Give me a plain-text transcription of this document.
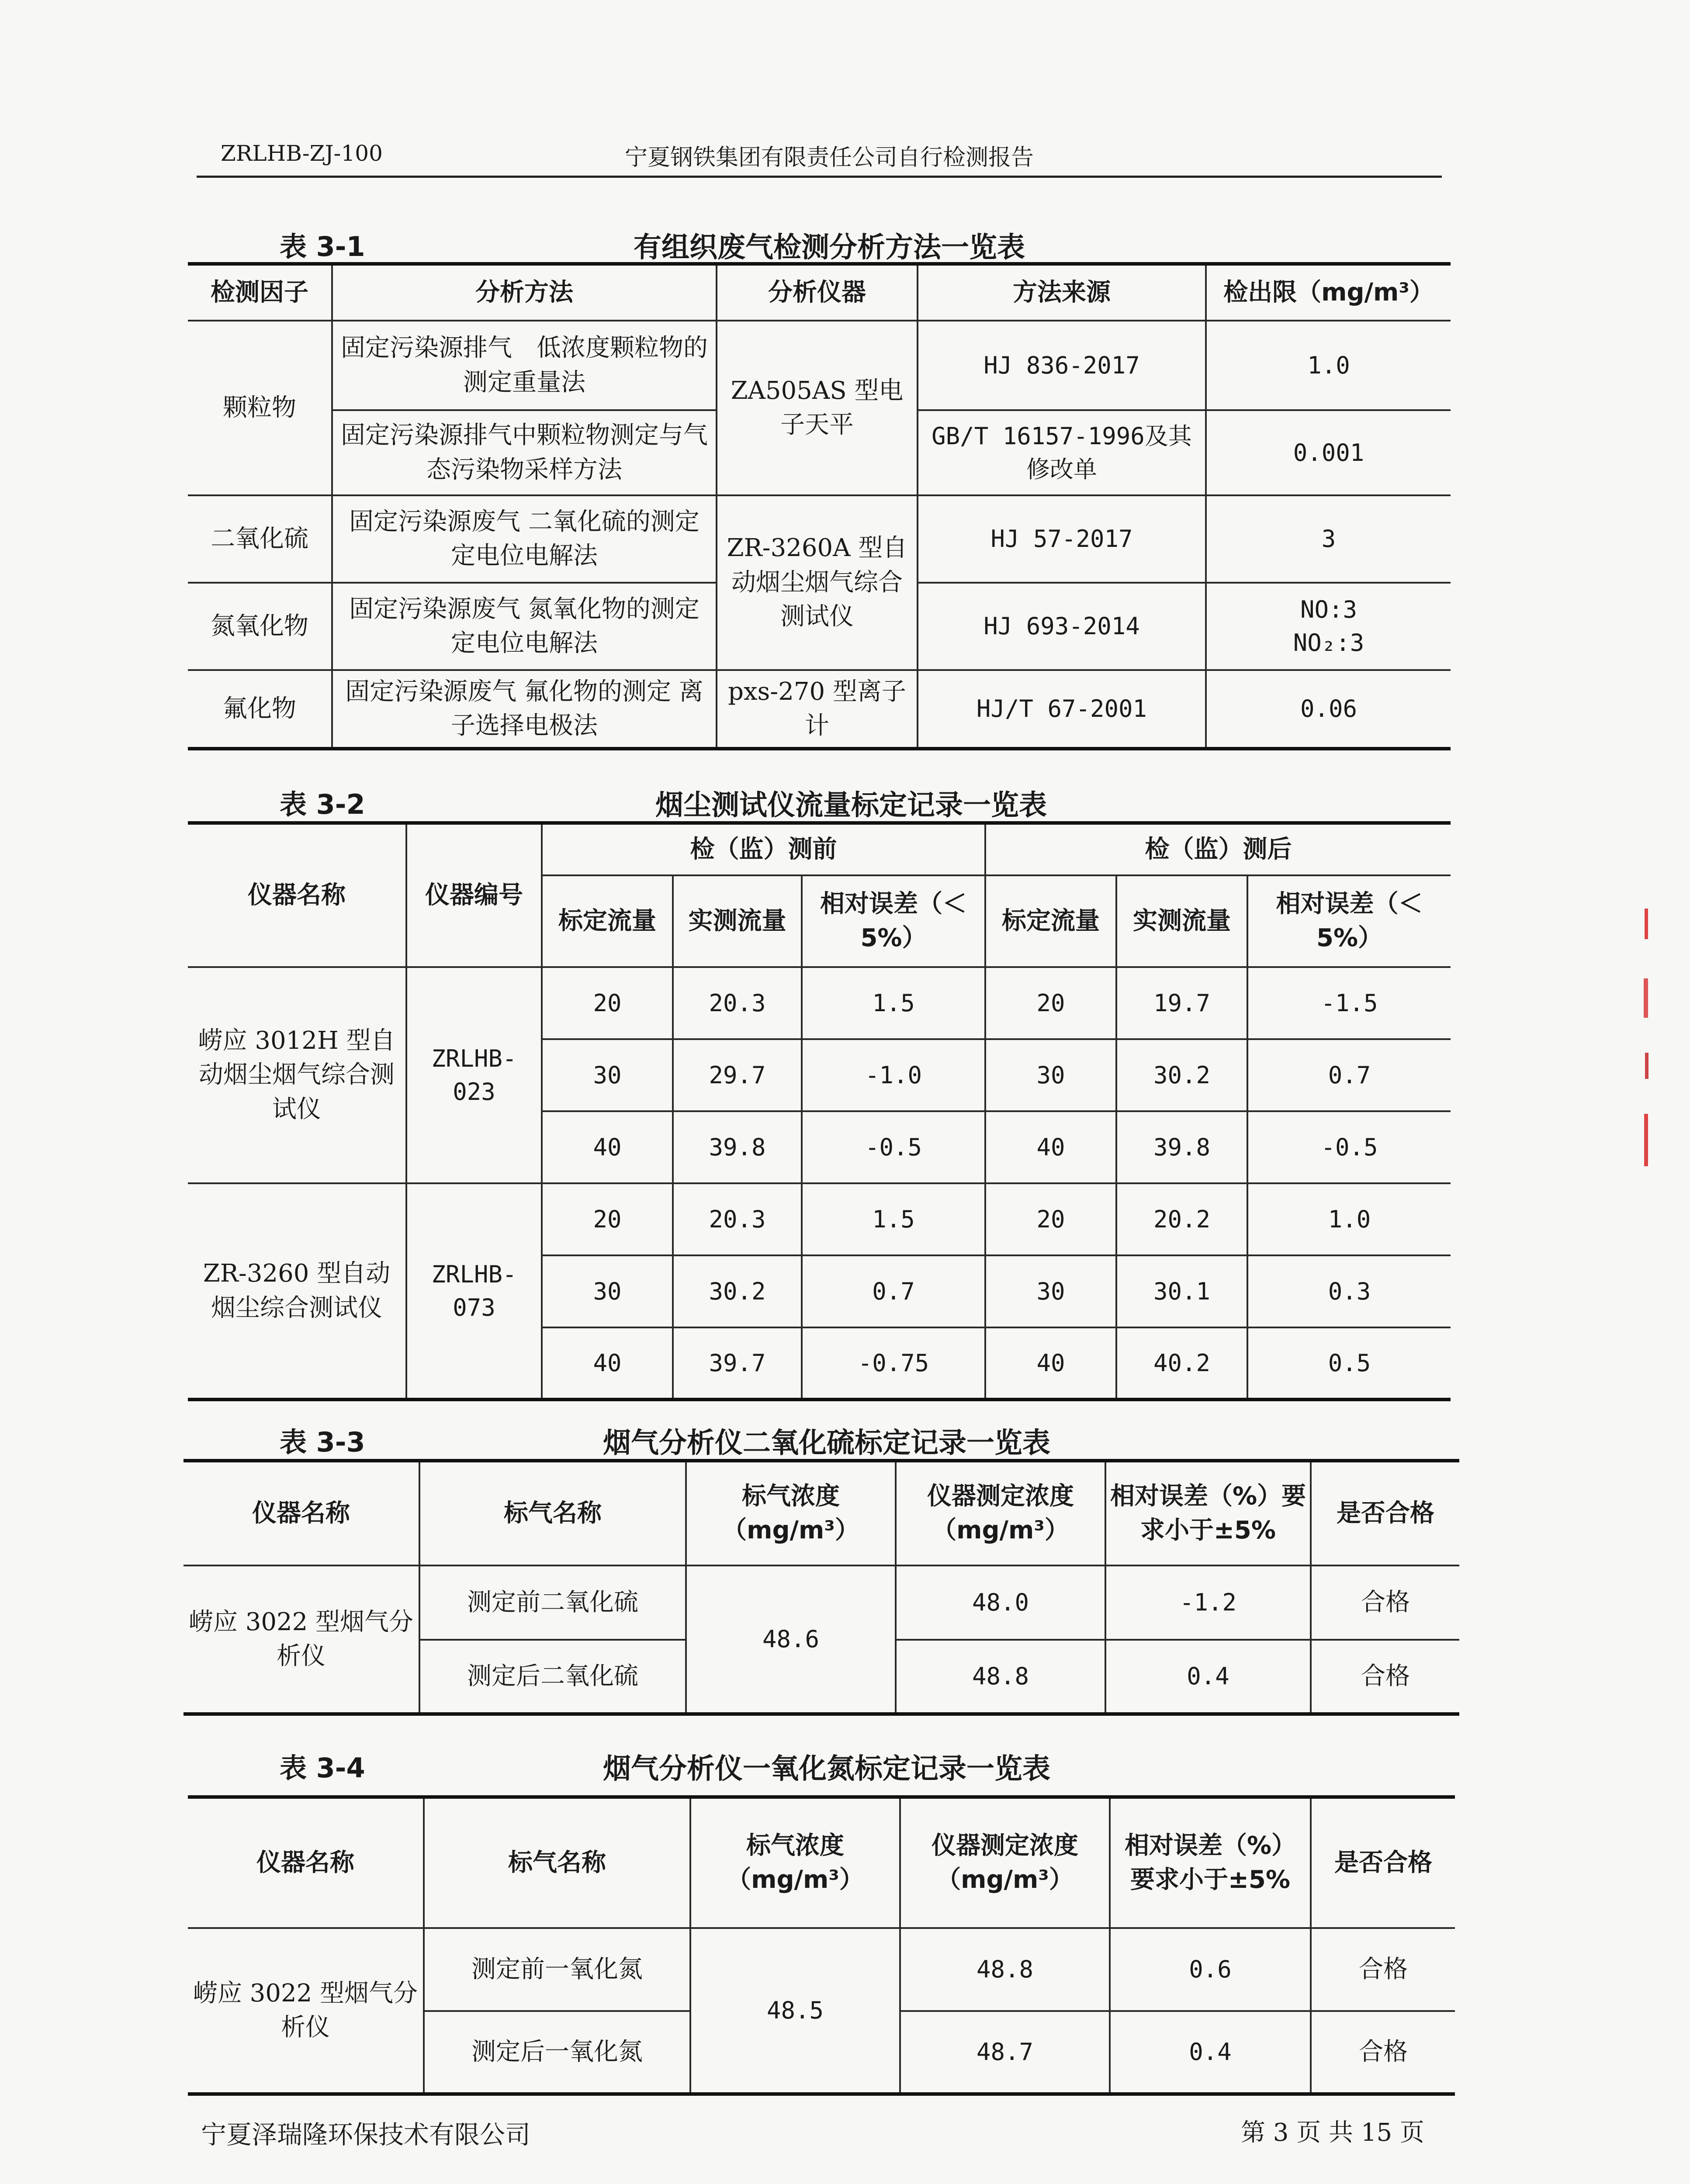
ZRLHB-ZJ-100	宁夏钢铁集团有限责任公司自行检测报告
表 3-1	有组织废气检测分析方法一览表
检测因子	分析方法	分析仪器	方法来源	检出限（mg/m³）
颗粒物	固定污染源排气　低浓度颗粒物的测定重量法	ZA505AS 型电子天平	HJ 836-2017	1.0
	固定污染源排气中颗粒物测定与气态污染物采样方法		GB/T 16157-1996及其修改单	0.001
二氧化硫	固定污染源废气 二氧化硫的测定 定电位电解法	ZR-3260A 型自动烟尘烟气综合测试仪	HJ 57-2017	3
氮氧化物	固定污染源废气 氮氧化物的测定 定电位电解法		HJ 693-2014	NO:3
NO₂:3

氟化物	固定污染源废气 氟化物的测定 离子选择电极法	pxs-270 型离子计	HJ/T 67-2001	0.06
表 3-2	烟尘测试仪流量标定记录一览表
仪器名称	仪器编号	检（监）测前			检（监）测后		
		标定流量	实测流量	相对误差（＜5%）	标定流量	实测流量	相对误差（＜5%）
崂应 3012H 型自动烟尘烟气综合测试仪	ZRLHB-023	20	20.3	1.5	20	19.7	-1.5
		30	29.7	-1.0	30	30.2	0.7
		40	39.8	-0.5	40	39.8	-0.5
ZR-3260 型自动烟尘综合测试仪	ZRLHB-073	20	20.3	1.5	20	20.2	1.0
		30	30.2	0.7	30	30.1	0.3
		40	39.7	-0.75	40	40.2	0.5
表 3-3	烟气分析仪二氧化硫标定记录一览表
仪器名称	标气名称	标气浓度（mg/m³）	仪器测定浓度（mg/m³）	相对误差（%）要求小于±5%	是否合格
崂应 3022 型烟气分析仪	测定前二氧化硫	48.6	48.0	-1.2	合格
	测定后二氧化硫		48.8	0.4	合格
表 3-4	烟气分析仪一氧化氮标定记录一览表
仪器名称	标气名称	标气浓度（mg/m³）	仪器测定浓度（mg/m³）	相对误差（%）要求小于±5%	是否合格
崂应 3022 型烟气分析仪	测定前一氧化氮	48.5	48.8	0.6	合格
	测定后一氧化氮		48.7	0.4	合格
宁夏泽瑞隆环保技术有限公司	第 3 页 共 15 页
